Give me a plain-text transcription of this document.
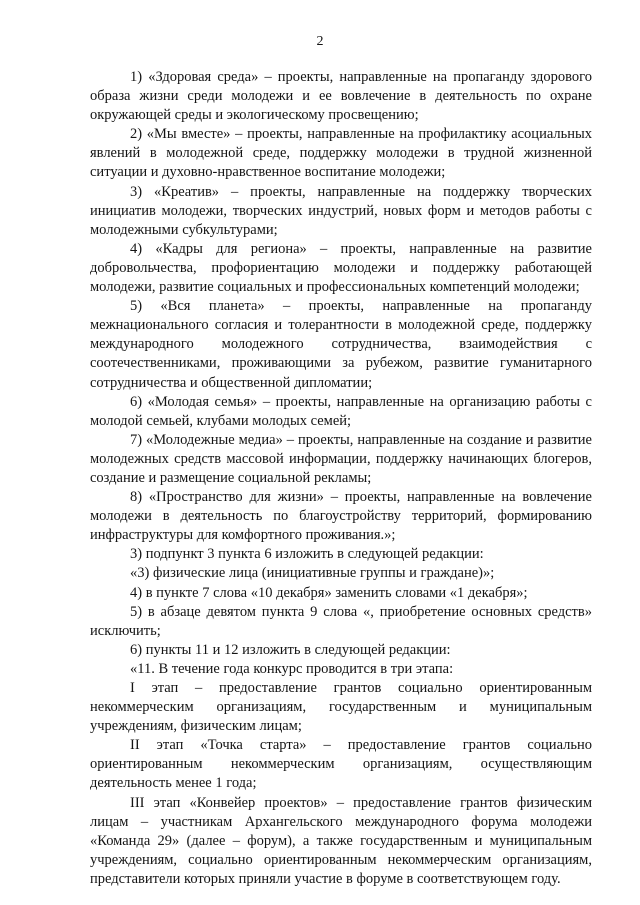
2

1) «Здоровая среда» – проекты, направленные на пропаганду здорового образа жизни среди молодежи и ее вовлечение в деятельность по охране окружающей среды и экологическому просвещению;

2) «Мы вместе» – проекты, направленные на профилактику асоциальных явлений в молодежной среде, поддержку молодежи в трудной жизненной ситуации и духовно-нравственное воспитание молодежи;

3) «Креатив» – проекты, направленные на поддержку творческих инициатив молодежи, творческих индустрий, новых форм и методов работы с молодежными субкультурами;

4) «Кадры для региона» – проекты, направленные на развитие добровольчества, профориентацию молодежи и поддержку работающей молодежи, развитие социальных и профессиональных компетенций молодежи;

5) «Вся планета» – проекты, направленные на пропаганду межнационального согласия и толерантности в молодежной среде, поддержку международного молодежного сотрудничества, взаимодействия с соотечественниками, проживающими за рубежом, развитие гуманитарного сотрудничества и общественной дипломатии;

6) «Молодая семья» – проекты, направленные на организацию работы с молодой семьей, клубами молодых семей;

7) «Молодежные медиа» – проекты, направленные на создание и развитие молодежных средств массовой информации, поддержку начинающих блогеров, создание и размещение социальной рекламы;

8) «Пространство для жизни» – проекты, направленные на вовлечение молодежи в деятельность по благоустройству территорий, формированию инфраструктуры для комфортного проживания.»;

3) подпункт 3 пункта 6 изложить в следующей редакции:

«3) физические лица (инициативные группы и граждане)»;

4) в пункте 7 слова «10 декабря» заменить словами «1 декабря»;

5) в абзаце девятом пункта 9 слова «, приобретение основных средств» исключить;

6) пункты 11 и 12 изложить в следующей редакции:

«11. В течение года конкурс проводится в три этапа:

I этап – предоставление грантов социально ориентированным некоммерческим организациям, государственным и муниципальным учреждениям, физическим лицам;

II этап «Точка старта» – предоставление грантов социально ориентированным некоммерческим организациям, осуществляющим деятельность менее 1 года;

III этап «Конвейер проектов» – предоставление грантов физическим лицам – участникам Архангельского международного форума молодежи «Команда 29» (далее – форум), а также государственным и муниципальным учреждениям, социально ориентированным некоммерческим организациям, представители которых приняли участие в форуме в соответствующем году.
